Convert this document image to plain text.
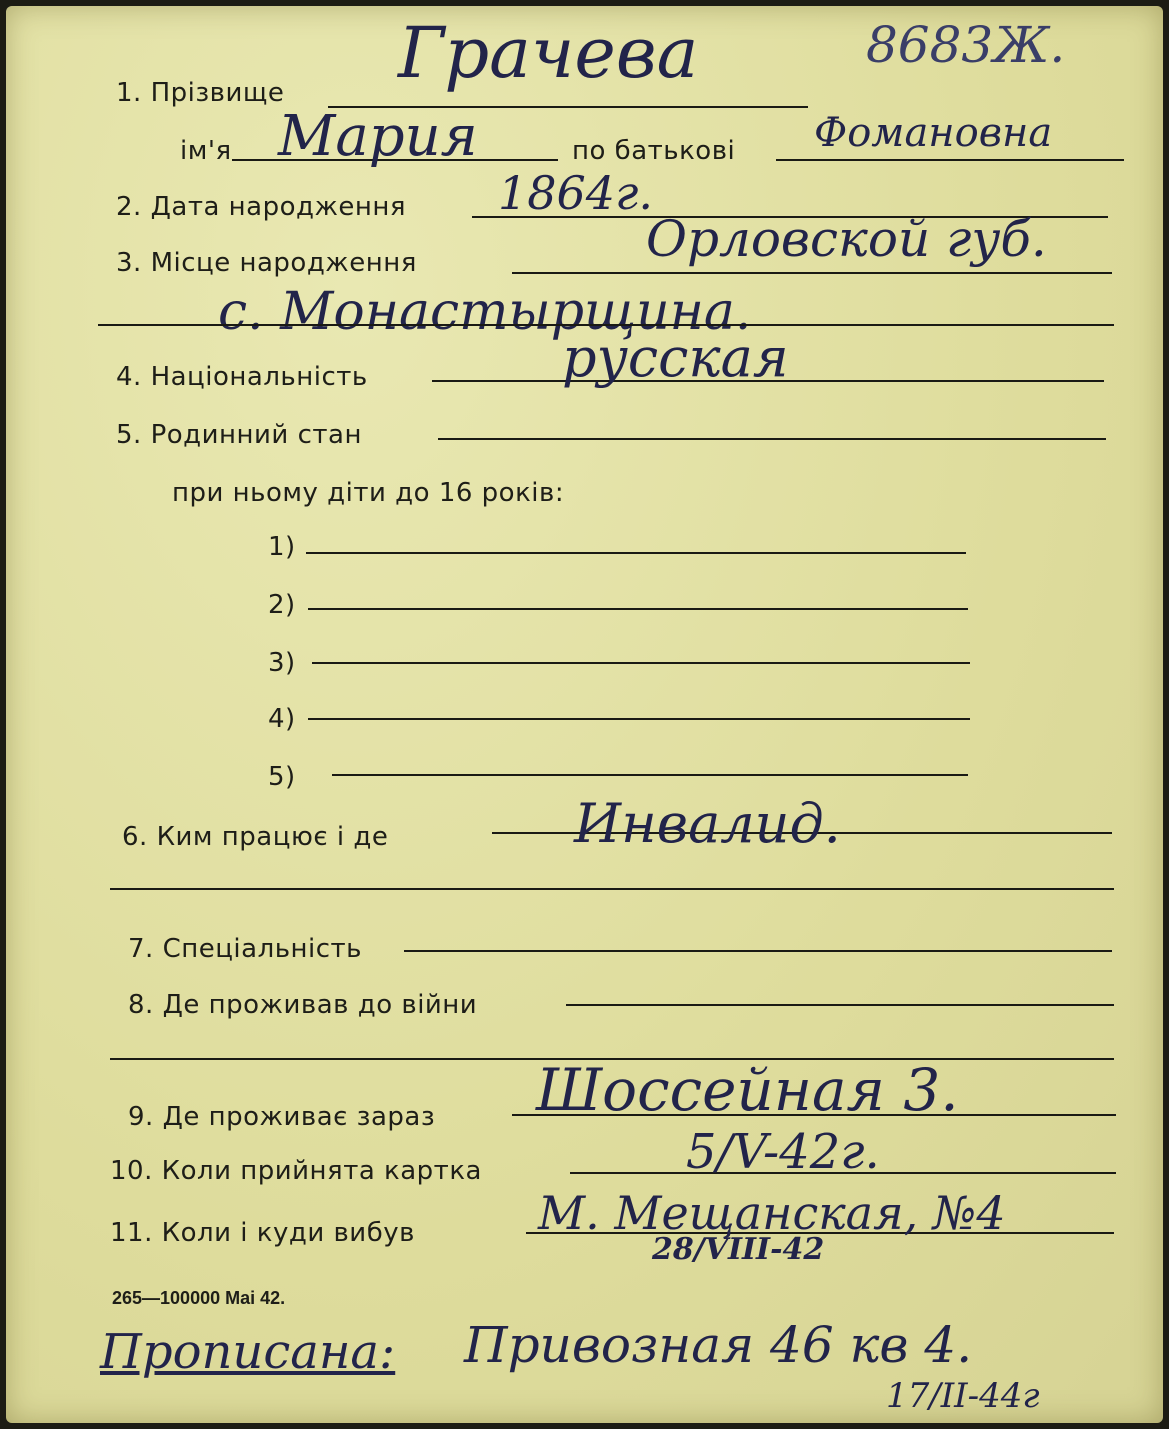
Грачева	8683Ж.
1. Прізвище
ім'я Мария	по батькові Фомановна
2. Дата народження 1864г.
3. Місце народження	Орловской губ.
с. Монастырщина.
4. Національність	русская
5. Родинний стан
при ньому діти до 16 років:
1)
2)
3)
4)
5)
6. Ким працює і де	Инвалид.
7. Спеціальність
8. Де проживав до війни
9. Де проживає зараз Шоссейная 3.
10. Коли прийнята картка	5/V-42г.
11. Коли і куди вибув	М. Мещанская, №4
28/VIII-42
265—100000 Mai 42.
Прописана: Привозная 46 кв 4.
17/II-44г
